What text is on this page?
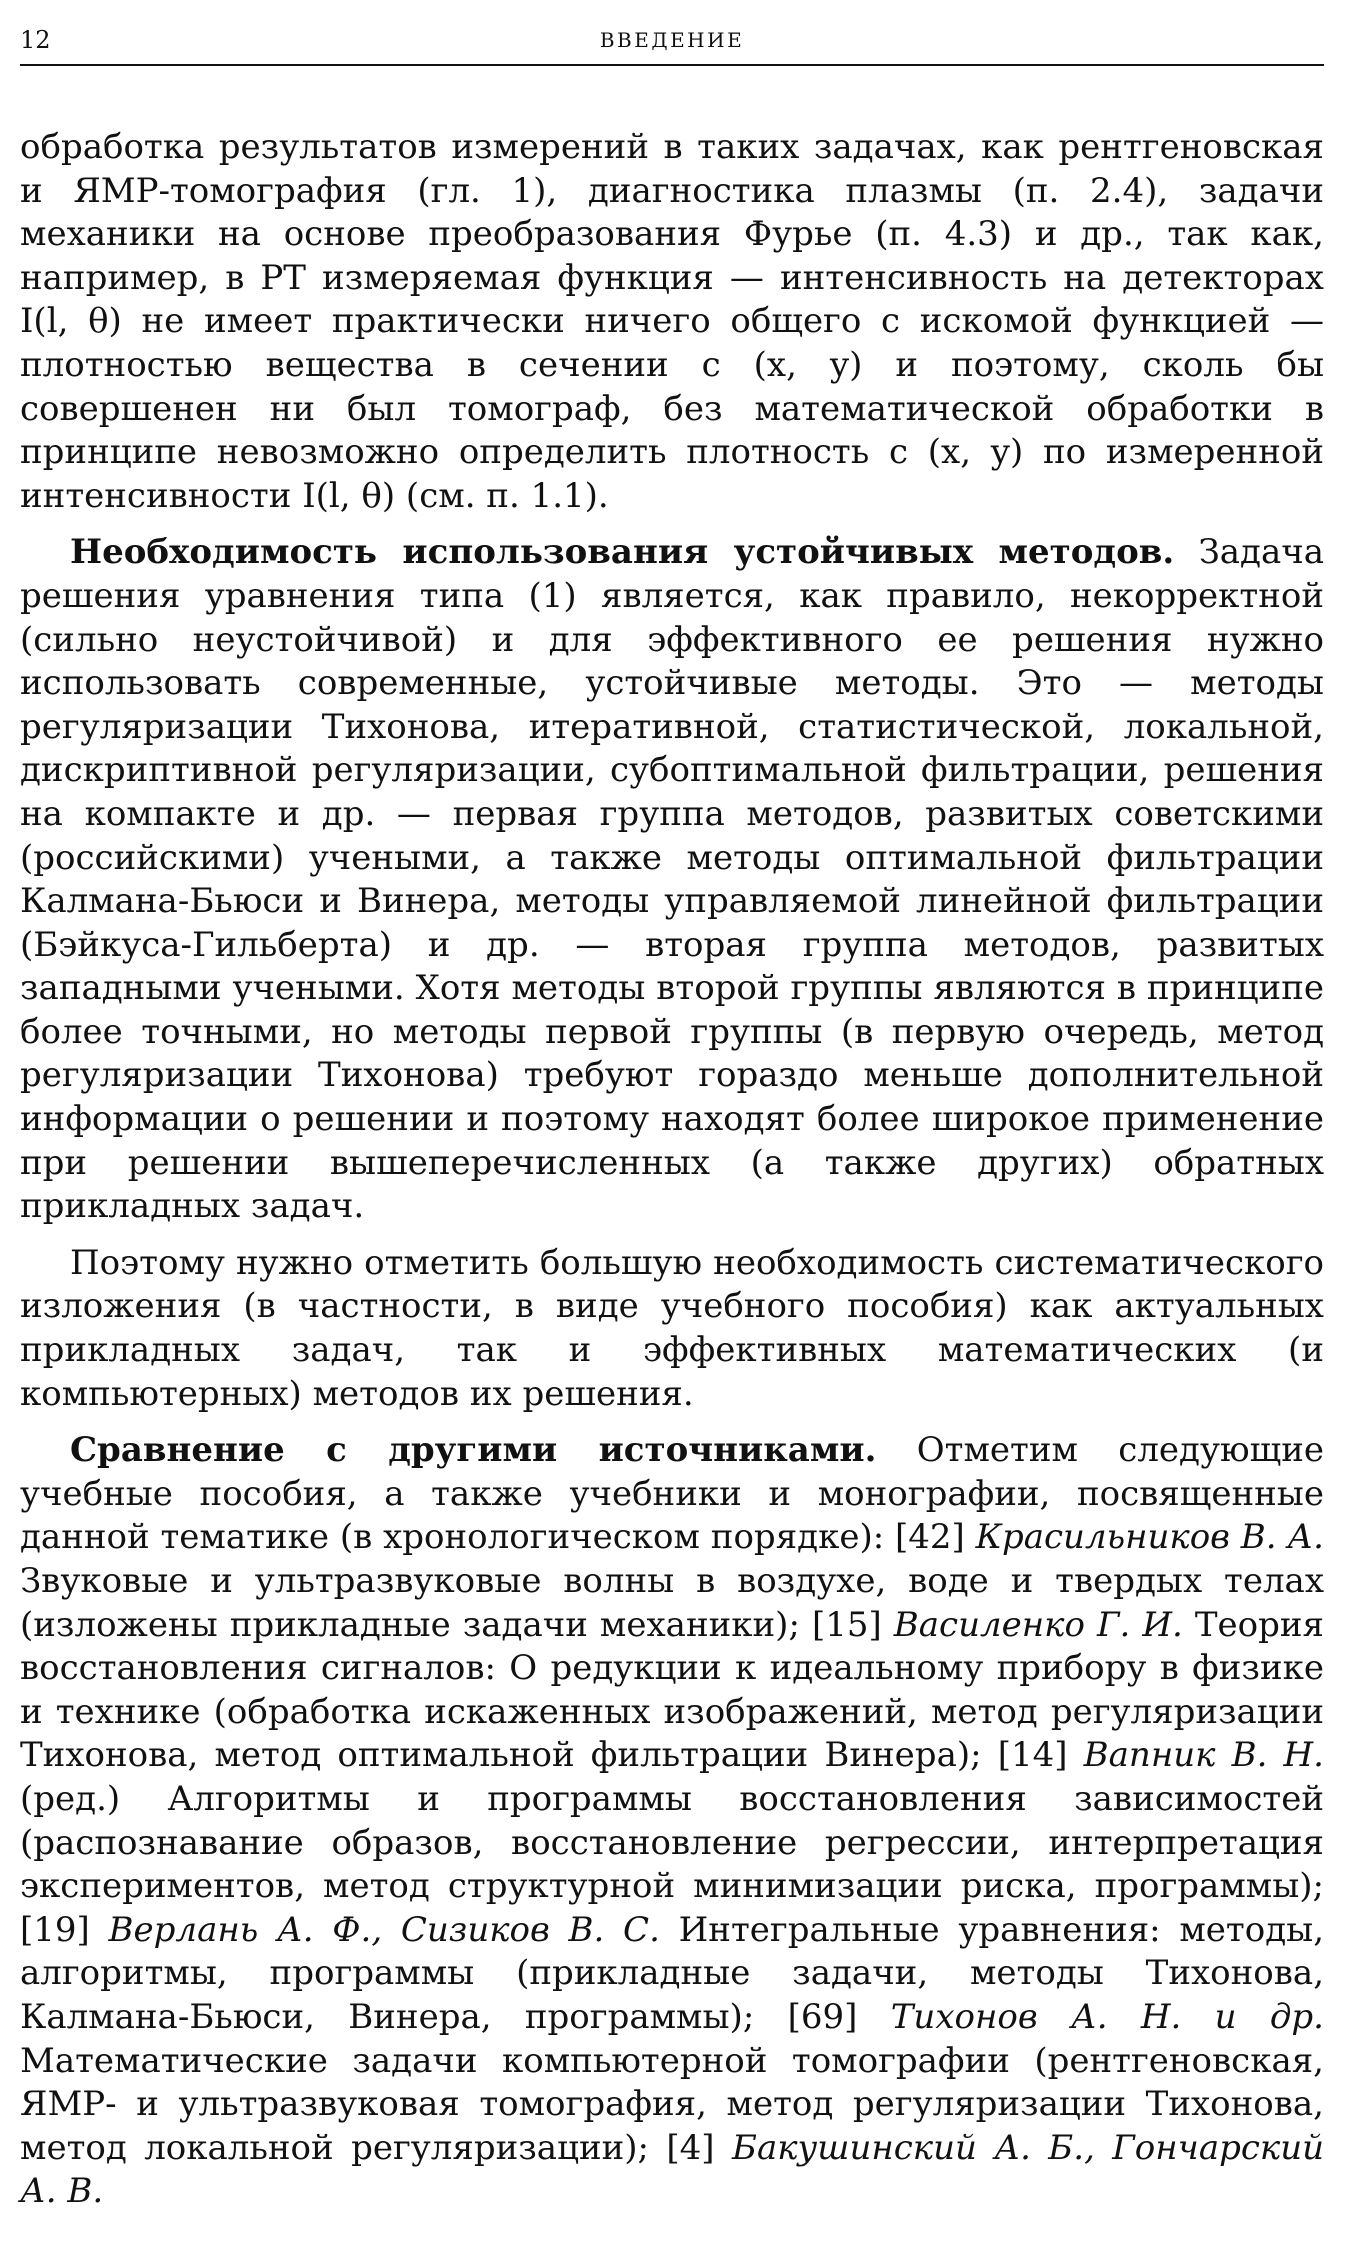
12	ВВЕДЕНИЕ

обработка результатов измерений в таких задачах, как рентгеновская и ЯМР-томография (гл. 1), диагностика плазмы (п. 2.4), задачи механики на основе преобразования Фурье (п. 4.3) и др., так как, например, в РТ измеряемая функция — интенсивность на детекторах I(l, θ) не имеет практически ничего общего с искомой функцией — плотностью вещества в сечении c (x, y) и поэтому, сколь бы совершенен ни был томограф, без математической обработки в принципе невозможно определить плотность c (x, y) по измеренной интенсивности I(l, θ) (см. п. 1.1).

Необходимость использования устойчивых методов. Задача решения уравнения типа (1) является, как правило, некорректной (сильно неустойчивой) и для эффективного ее решения нужно использовать современные, устойчивые методы. Это — методы регуляризации Тихонова, итеративной, статистической, локальной, дискриптивной регуляризации, субоптимальной фильтрации, решения на компакте и др. — первая группа методов, развитых советскими (российскими) учеными, а также методы оптимальной фильтрации Калмана-Бьюси и Винера, методы управляемой линейной фильтрации (Бэйкуса-Гильберта) и др. — вторая группа методов, развитых западными учеными. Хотя методы второй группы являются в принципе более точными, но методы первой группы (в первую очередь, метод регуляризации Тихонова) требуют гораздо меньше дополнительной информации о решении и поэтому находят более широкое применение при решении вышеперечисленных (а также других) обратных прикладных задач.

Поэтому нужно отметить большую необходимость систематического изложения (в частности, в виде учебного пособия) как актуальных прикладных задач, так и эффективных математических (и компьютерных) методов их решения.

Сравнение с другими источниками. Отметим следующие учебные пособия, а также учебники и монографии, посвященные данной тематике (в хронологическом порядке): [42] Красильников В. А. Звуковые и ультразвуковые волны в воздухе, воде и твердых телах (изложены прикладные задачи механики); [15] Василенко Г. И. Теория восстановления сигналов: О редукции к идеальному прибору в физике и технике (обработка искаженных изображений, метод регуляризации Тихонова, метод оптимальной фильтрации Винера); [14] Вапник В. Н. (ред.) Алгоритмы и программы восстановления зависимостей (распознавание образов, восстановление регрессии, интерпретация экспериментов, метод структурной минимизации риска, программы); [19] Верлань А. Ф., Сизиков В. С. Интегральные уравнения: методы, алгоритмы, программы (прикладные задачи, методы Тихонова, Калмана-Бьюси, Винера, программы); [69] Тихонов А. Н. и др. Математические задачи компьютерной томографии (рентгеновская, ЯМР- и ультразвуковая томография, метод регуляризации Тихонова, метод локальной регуляризации); [4] Бакушинский А. Б., Гончарский А. В.
